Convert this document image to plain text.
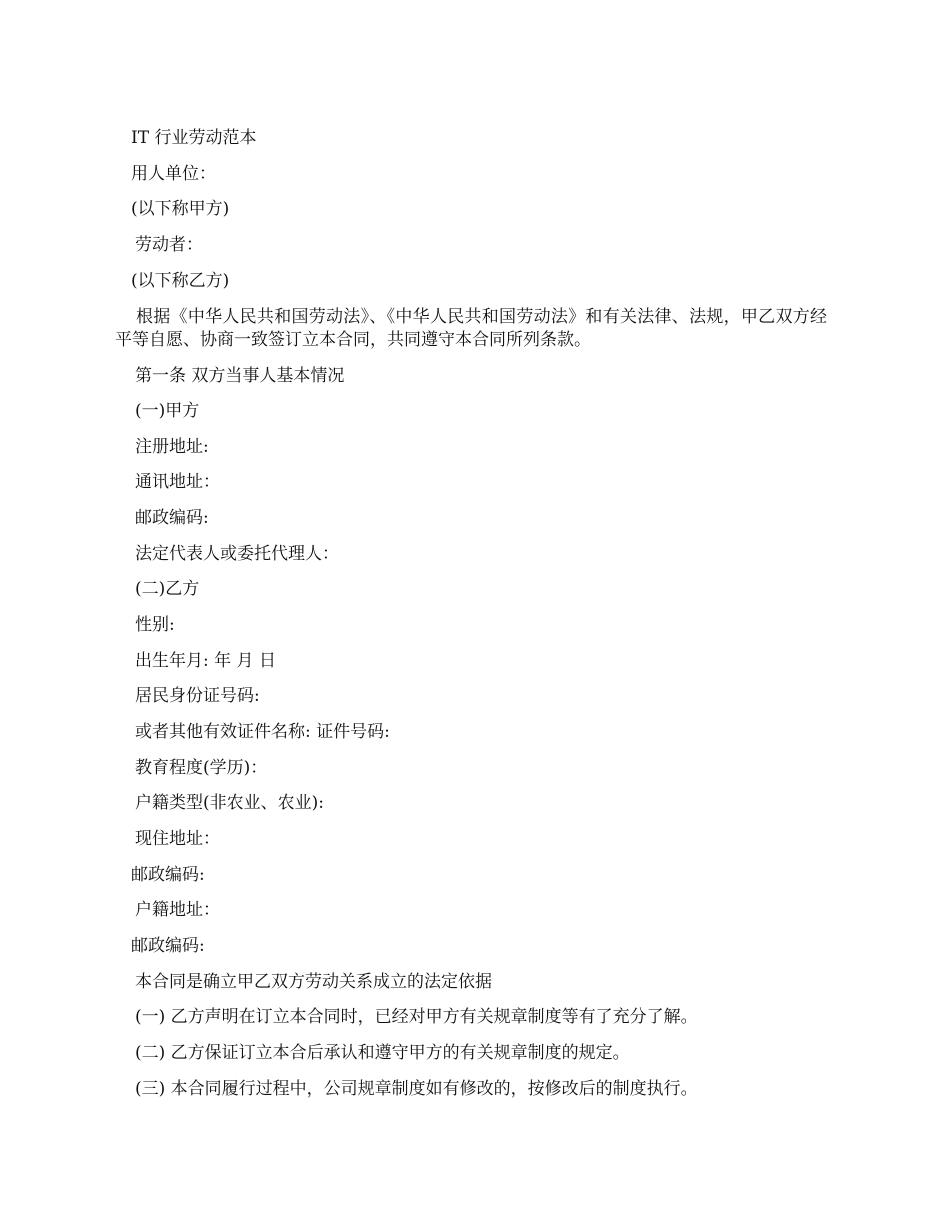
IT 行业劳动范本
用人单位：
(以下称甲方)
劳动者：
(以下称乙方)
根据《中华人民共和国劳动法》、《中华人民共和国劳动法》和有关法律、法规，甲乙双方经平等自愿、协商一致签订立本合同，共同遵守本合同所列条款。
第一条 双方当事人基本情况
(一)甲方
注册地址:
通讯地址：
邮政编码:
法定代表人或委托代理人：
(二)乙方
性别:
出生年月: 年 月 日
居民身份证号码:
或者其他有效证件名称: 证件号码:
教育程度(学历)：
户籍类型(非农业、农业):
现住地址：
邮政编码:
户籍地址：
邮政编码:
本合同是确立甲乙双方劳动关系成立的法定依据
(一) 乙方声明在订立本合同时，已经对甲方有关规章制度等有了充分了解。
(二) 乙方保证订立本合后承认和遵守甲方的有关规章制度的规定。
(三) 本合同履行过程中，公司规章制度如有修改的，按修改后的制度执行。
